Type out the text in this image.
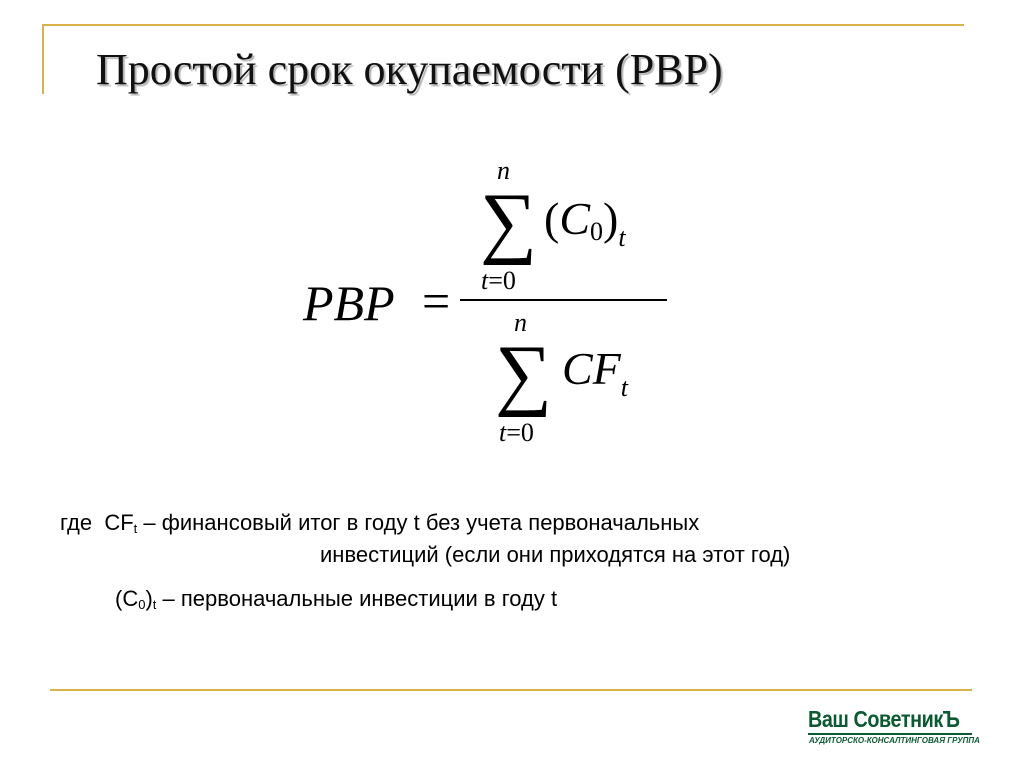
Простой срок окупаемости (PBP)
PBP =
n
∑
t=0
$(C0)_t$
n
∑
t=0
$CF_t$
где $CF_t$ – финансовый итог в году t без учета первоначальных
инвестиций (если они приходятся на этот год)
$(C_0)_t$ – первоначальные инвестиции в году t
Ваш СоветникЪ
АУДИТОРСКО-КОНСАЛТИНГОВАЯ ГРУППА
